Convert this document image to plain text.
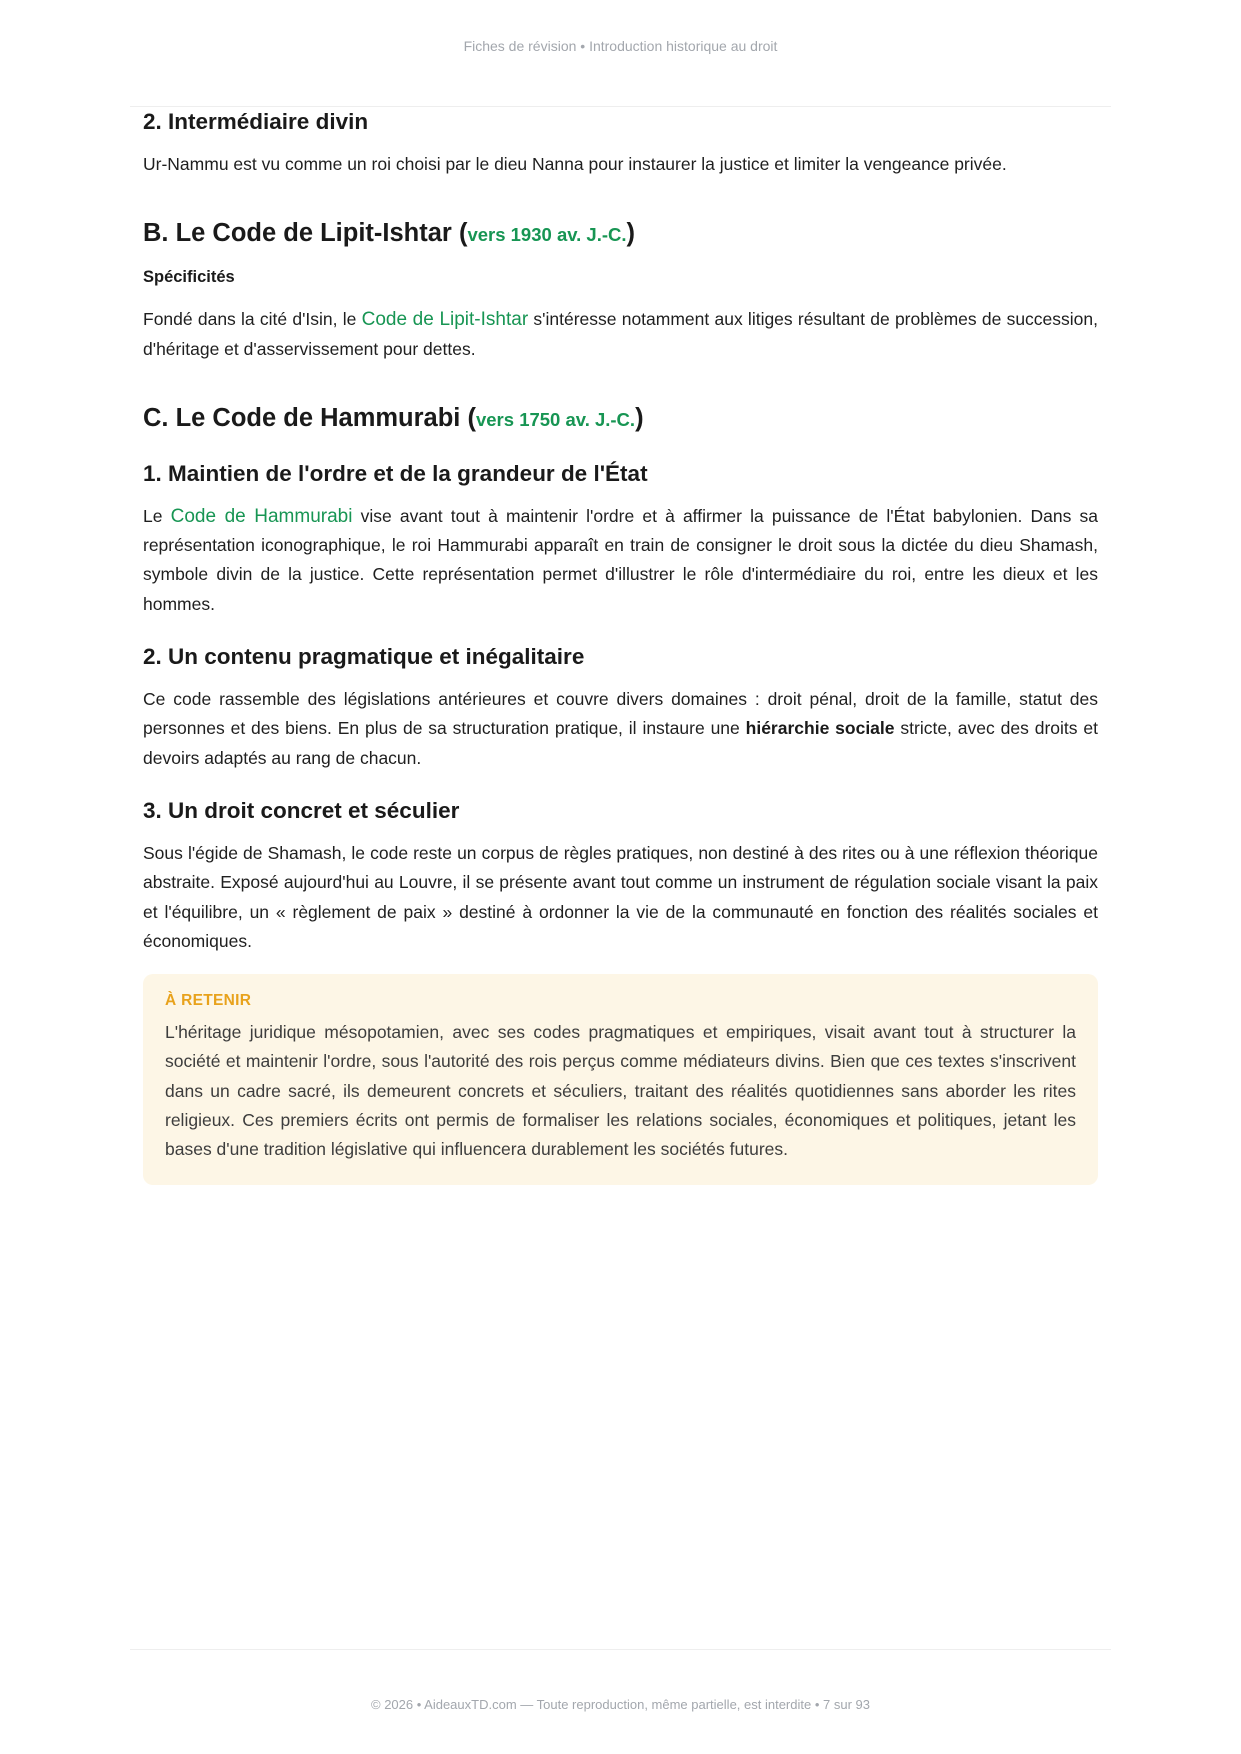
Fiches de révision • Introduction historique au droit
2. Intermédiaire divin

Ur-Nammu est vu comme un roi choisi par le dieu Nanna pour instaurer la justice et limiter la vengeance privée.

B. Le Code de Lipit-Ishtar (vers 1930 av. J.-C.)
Spécificités

Fondé dans la cité d'Isin, le Code de Lipit-Ishtar s'intéresse notamment aux litiges résultant de problèmes de succession, d'héritage et d'asservissement pour dettes.

C. Le Code de Hammurabi (vers 1750 av. J.-C.)
1. Maintien de l'ordre et de la grandeur de l'État

Le Code de Hammurabi vise avant tout à maintenir l'ordre et à affirmer la puissance de l'État babylonien. Dans sa représentation iconographique, le roi Hammurabi apparaît en train de consigner le droit sous la dictée du dieu Shamash, symbole divin de la justice. Cette représentation permet d'illustrer le rôle d'intermédiaire du roi, entre les dieux et les hommes.

2. Un contenu pragmatique et inégalitaire

Ce code rassemble des législations antérieures et couvre divers domaines : droit pénal, droit de la famille, statut des personnes et des biens. En plus de sa structuration pratique, il instaure une hiérarchie sociale stricte, avec des droits et devoirs adaptés au rang de chacun.

3. Un droit concret et séculier

Sous l'égide de Shamash, le code reste un corpus de règles pratiques, non destiné à des rites ou à une réflexion théorique abstraite. Exposé aujourd'hui au Louvre, il se présente avant tout comme un instrument de régulation sociale visant la paix et l'équilibre, un « règlement de paix » destiné à ordonner la vie de la communauté en fonction des réalités sociales et économiques.

À RETENIR

L'héritage juridique mésopotamien, avec ses codes pragmatiques et empiriques, visait avant tout à structurer la société et maintenir l'ordre, sous l'autorité des rois perçus comme médiateurs divins. Bien que ces textes s'inscrivent dans un cadre sacré, ils demeurent concrets et séculiers, traitant des réalités quotidiennes sans aborder les rites religieux. Ces premiers écrits ont permis de formaliser les relations sociales, économiques et politiques, jetant les bases d'une tradition législative qui influencera durablement les sociétés futures.

© 2026 • AideauxTD.com — Toute reproduction, même partielle, est interdite • 7 sur 93
